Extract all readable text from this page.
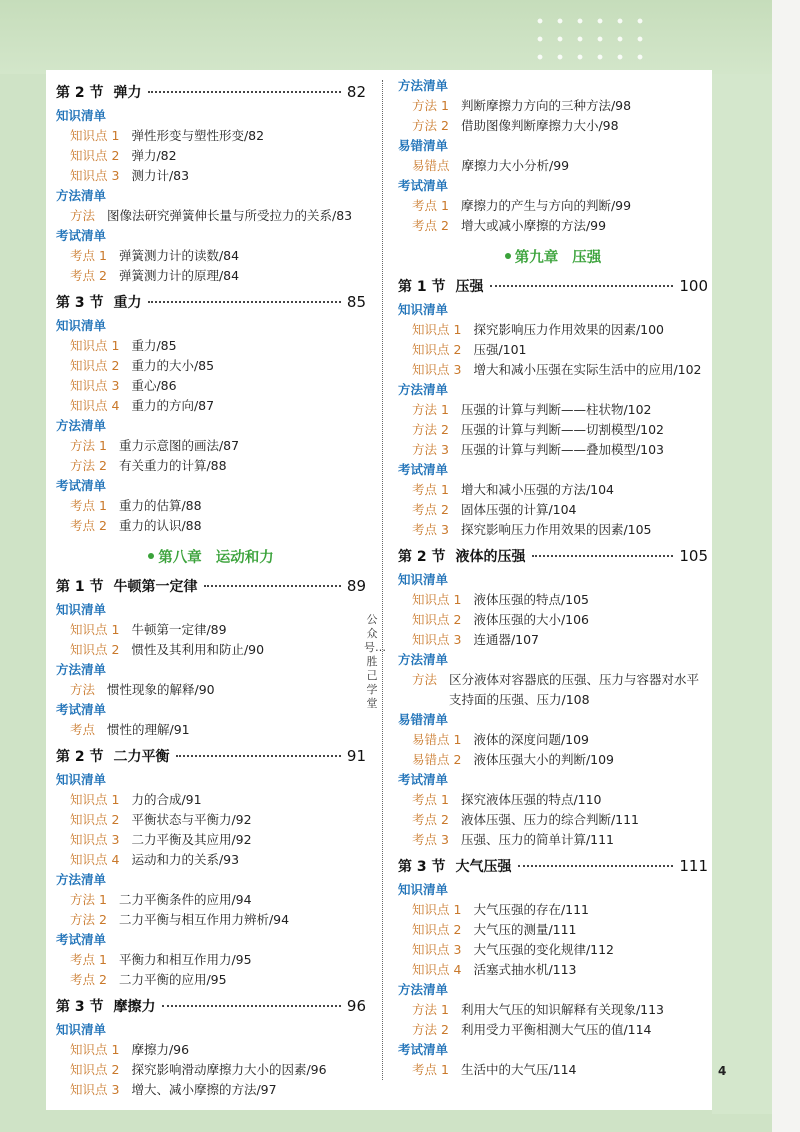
第 2 节 弹力	82
知识清单
知识点 1 弹性形变与塑性形变/82
知识点 2 弹力/82
知识点 3 测力计/83
方法清单
方法 图像法研究弹簧伸长量与所受拉力的关系/83
考试清单
考点 1 弹簧测力计的读数/84
考点 2 弹簧测力计的原理/84
第 3 节 重力	85
知识清单
知识点 1 重力/85
知识点 2 重力的大小/85
知识点 3 重心/86
知识点 4 重力的方向/87
方法清单
方法 1 重力示意图的画法/87
方法 2 有关重力的计算/88
考试清单
考点 1 重力的估算/88
考点 2 重力的认识/88
第八章 运动和力
第 1 节 牛顿第一定律	89
知识清单
知识点 1 牛顿第一定律/89
知识点 2 惯性及其利用和防止/90
方法清单
方法 惯性现象的解释/90
考试清单
考点 惯性的理解/91
第 2 节 二力平衡	91
知识清单
知识点 1 力的合成/91
知识点 2 平衡状态与平衡力/92
知识点 3 二力平衡及其应用/92
知识点 4 运动和力的关系/93
方法清单
方法 1 二力平衡条件的应用/94
方法 2 二力平衡与相互作用力辨析/94
考试清单
考点 1 平衡力和相互作用力/95
考点 2 二力平衡的应用/95
第 3 节 摩擦力	96
知识清单
知识点 1 摩擦力/96
知识点 2 探究影响滑动摩擦力大小的因素/96
知识点 3 增大、减小摩擦的方法/97
公众号…胜己学堂
方法清单
方法 1 判断摩擦力方向的三种方法/98
方法 2 借助图像判断摩擦力大小/98
易错清单
易错点 摩擦力大小分析/99
考试清单
考点 1 摩擦力的产生与方向的判断/99
考点 2 增大或减小摩擦的方法/99
第九章 压强
第 1 节 压强	100
知识清单
知识点 1 探究影响压力作用效果的因素/100
知识点 2 压强/101
知识点 3 增大和减小压强在实际生活中的应用/102
方法清单
方法 1 压强的计算与判断——柱状物/102
方法 2 压强的计算与判断——切割模型/102
方法 3 压强的计算与判断——叠加模型/103
考试清单
考点 1 增大和减小压强的方法/104
考点 2 固体压强的计算/104
考点 3 探究影响压力作用效果的因素/105
第 2 节 液体的压强	105
知识清单
知识点 1 液体压强的特点/105
知识点 2 液体压强的大小/106
知识点 3 连通器/107
方法清单
方法 区分液体对容器底的压强、压力与容器对水平支持面的压强、压力/108
易错清单
易错点 1 液体的深度问题/109
易错点 2 液体压强大小的判断/109
考试清单
考点 1 探究液体压强的特点/110
考点 2 液体压强、压力的综合判断/111
考点 3 压强、压力的简单计算/111
第 3 节 大气压强	111
知识清单
知识点 1 大气压强的存在/111
知识点 2 大气压的测量/111
知识点 3 大气压强的变化规律/112
知识点 4 活塞式抽水机/113
方法清单
方法 1 利用大气压的知识解释有关现象/113
方法 2 利用受力平衡相测大气压的值/114
考试清单
考点 1 生活中的大气压/114	4
